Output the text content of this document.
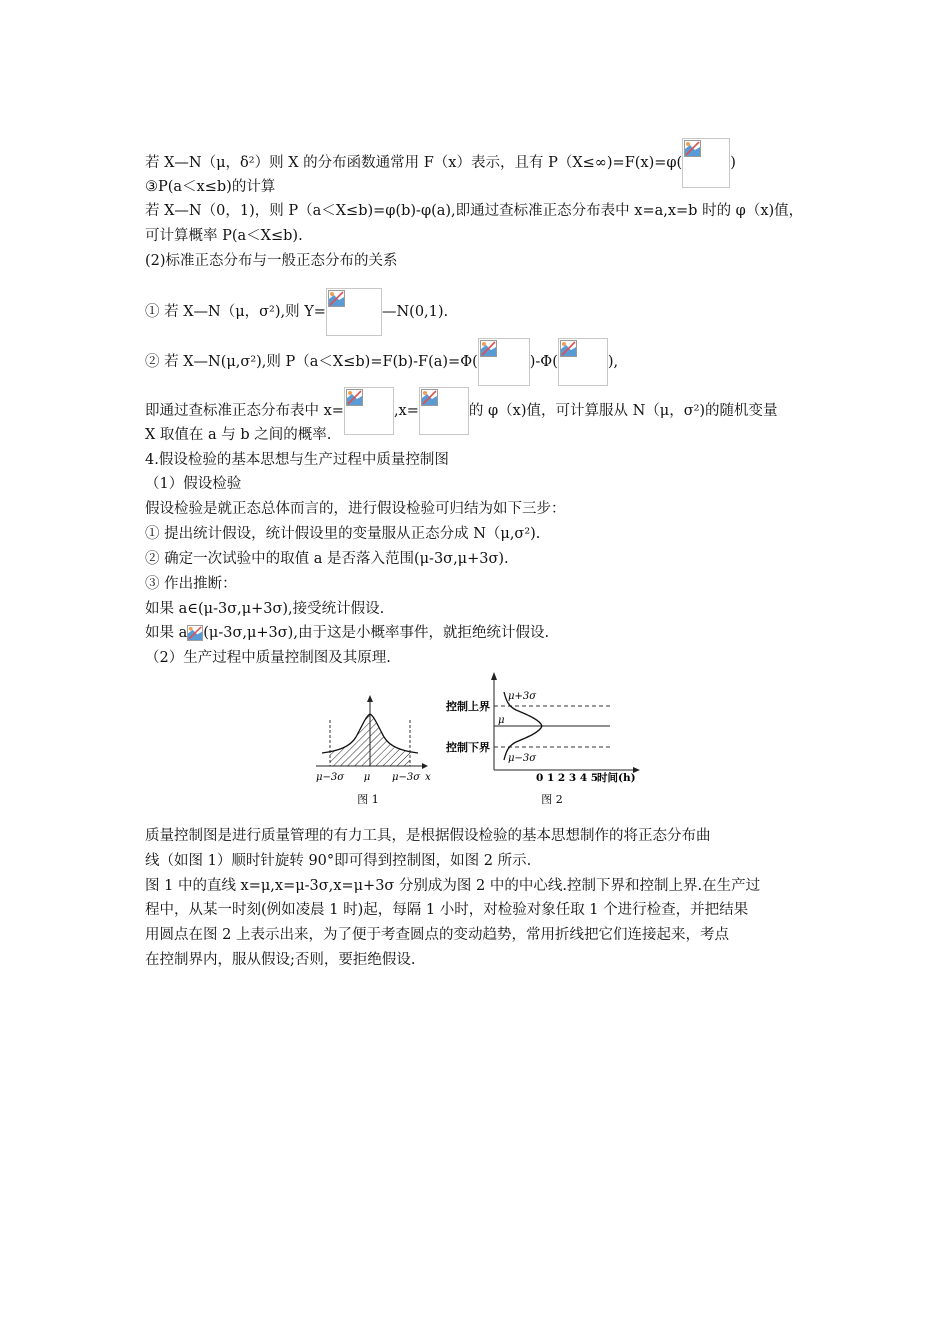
若 X—N（μ，δ²）则 X 的分布函数通常用 F（x）表示，且有 P（X≤∞)=F(x)=φ(	)
③P(a＜x≤b)的计算
若 X—N（0，1)，则 P（a＜X≤b)=φ(b)-φ(a),即通过查标准正态分布表中 x=a,x=b 时的 φ（x)值，
可计算概率 P(a＜X≤b).
(2)标准正态分布与一般正态分布的关系
① 若 X—N（μ，σ²),则 Y=	—N(0,1).
② 若 X—N(μ,σ²),则 P（a＜X≤b)=F(b)-F(a)=Φ(	)-Φ(	),
即通过查标准正态分布表中 x=	,x=	的 φ（x)值，可计算服从 N（μ，σ²)的随机变量
X 取值在 a 与 b 之间的概率.
4.假设检验的基本思想与生产过程中质量控制图
（1）假设检验
假设检验是就正态总体而言的，进行假设检验可归结为如下三步：
① 提出统计假设，统计假设里的变量服从正态分成 N（μ,σ²).
② 确定一次试验中的取值 a 是否落入范围(μ-3σ,μ+3σ).
③ 作出推断：
如果 a∈(μ-3σ,μ+3σ),接受统计假设.
如果 a (μ-3σ,μ+3σ),由于这是小概率事件，就拒绝统计假设.
（2）生产过程中质量控制图及其原理.
μ−3σ μ μ−3σ x
图 1
控制上界
控制下界
μ+3σ
μ
μ−3σ
0 1 2 3 4 5
时间(h)
图 2
质量控制图是进行质量管理的有力工具，是根据假设检验的基本思想制作的将正态分布曲
线（如图 1）顺时针旋转 90°即可得到控制图，如图 2 所示.
图 1 中的直线 x=μ,x=μ-3σ,x=μ+3σ 分别成为图 2 中的中心线.控制下界和控制上界.在生产过
程中，从某一时刻(例如凌晨 1 时)起，每隔 1 小时，对检验对象任取 1 个进行检查，并把结果
用圆点在图 2 上表示出来，为了便于考查圆点的变动趋势，常用折线把它们连接起来，考点
在控制界内，服从假设;否则，要拒绝假设.
